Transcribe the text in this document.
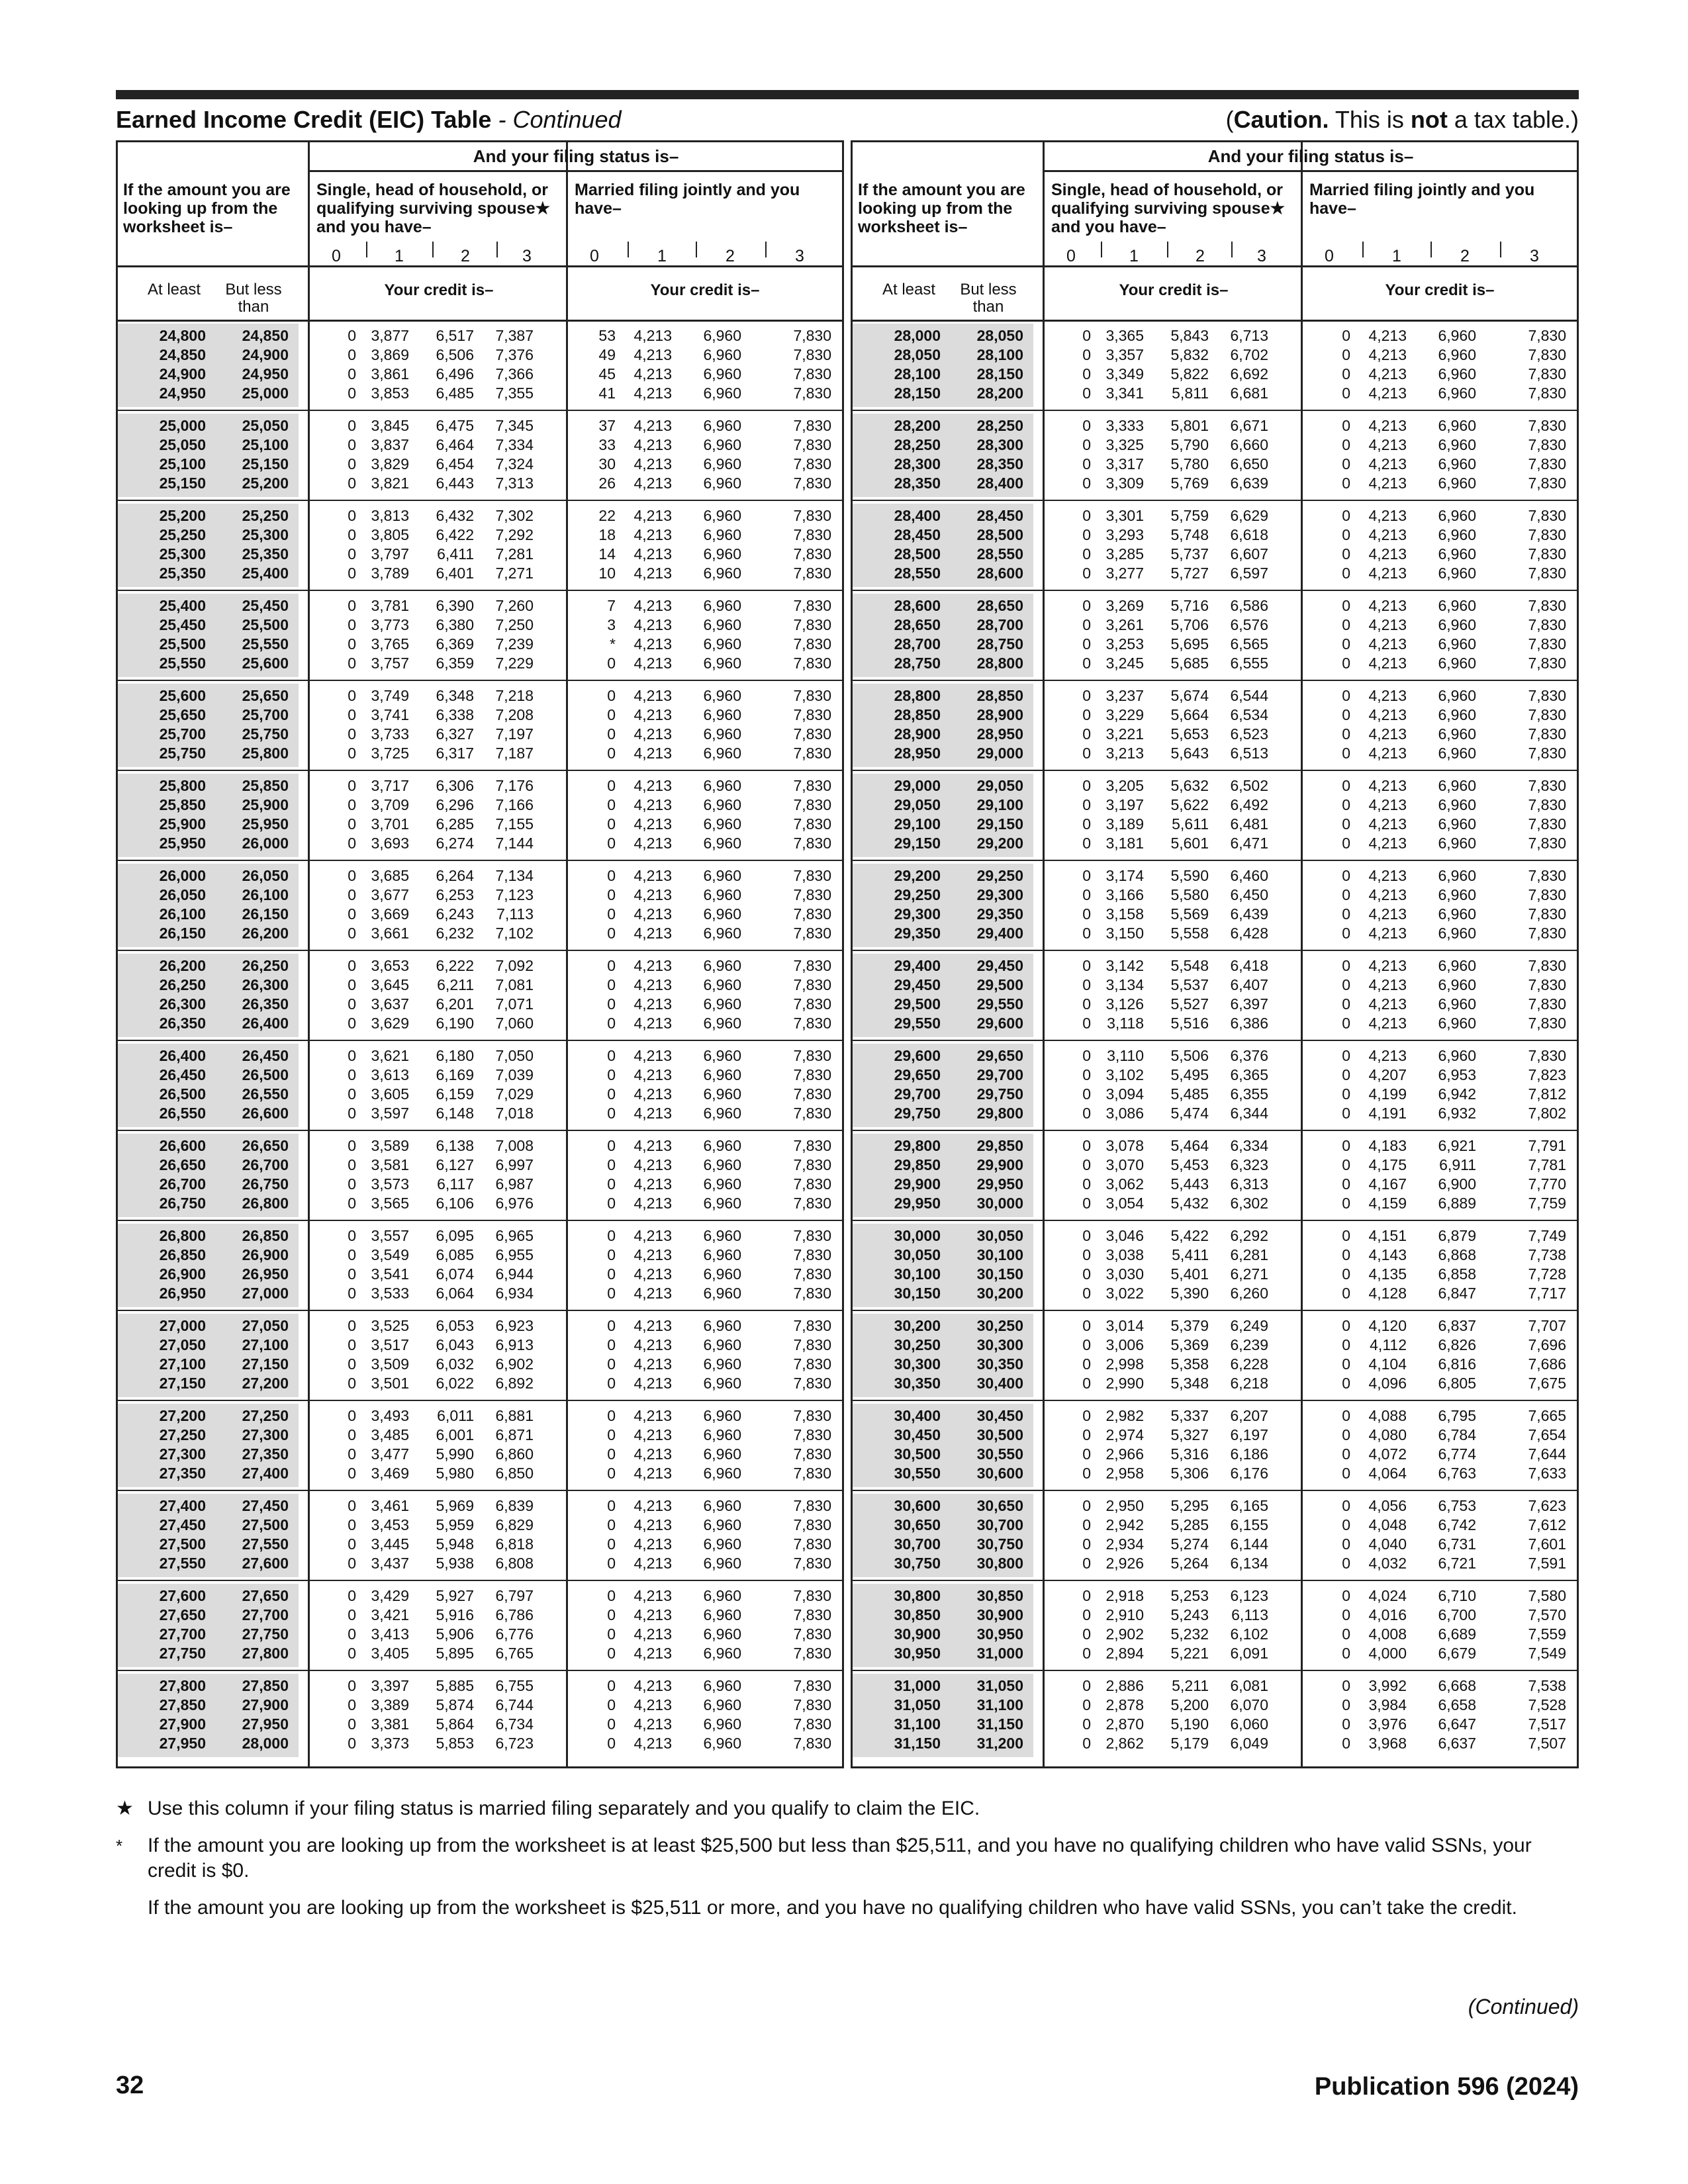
Earned Income Credit (EIC) Table - Continued	(Caution. This is not a tax table.)
And your filing status is–
If the amount you are looking up from the worksheet is–
Single, head of household, or qualifying surviving spouse★ and you have–
Married filing jointly and you have–
0	0
1	1
2	2
3	3
At least	But less than
Your credit is–	Your credit is–
24,800	24,850	0 3,877	6,517	7,387	53	4,213	6,960	7,830
24,850	24,900	0 3,869	6,506	7,376	49	4,213	6,960	7,830
24,900	24,950	0 3,861	6,496	7,366	45	4,213	6,960	7,830
24,950	25,000	0 3,853	6,485	7,355	41	4,213	6,960	7,830
25,000	25,050	0 3,845	6,475	7,345	37	4,213	6,960	7,830
25,050	25,100	0 3,837	6,464	7,334	33	4,213	6,960	7,830
25,100	25,150	0 3,829	6,454	7,324	30	4,213	6,960	7,830
25,150	25,200	0 3,821	6,443	7,313	26	4,213	6,960	7,830
25,200	25,250	0 3,813	6,432	7,302	22	4,213	6,960	7,830
25,250	25,300	0 3,805	6,422	7,292	18	4,213	6,960	7,830
25,300	25,350	0 3,797	6,411	7,281	14	4,213	6,960	7,830
25,350	25,400	0 3,789	6,401	7,271	10	4,213	6,960	7,830
25,400	25,450	0 3,781	6,390	7,260	7	4,213	6,960	7,830
25,450	25,500	0 3,773	6,380	7,250	3	4,213	6,960	7,830
25,500	25,550	0 3,765	6,369	7,239	*	4,213	6,960	7,830
25,550	25,600	0 3,757	6,359	7,229	0	4,213	6,960	7,830
25,600	25,650	0 3,749	6,348	7,218	0	4,213	6,960	7,830
25,650	25,700	0 3,741	6,338	7,208	0	4,213	6,960	7,830
25,700	25,750	0 3,733	6,327	7,197	0	4,213	6,960	7,830
25,750	25,800	0 3,725	6,317	7,187	0	4,213	6,960	7,830
25,800	25,850	0 3,717	6,306	7,176	0	4,213	6,960	7,830
25,850	25,900	0 3,709	6,296	7,166	0	4,213	6,960	7,830
25,900	25,950	0 3,701	6,285	7,155	0	4,213	6,960	7,830
25,950	26,000	0 3,693	6,274	7,144	0	4,213	6,960	7,830
26,000	26,050	0 3,685	6,264	7,134	0	4,213	6,960	7,830
26,050	26,100	0 3,677	6,253	7,123	0	4,213	6,960	7,830
26,100	26,150	0 3,669	6,243	7,113	0	4,213	6,960	7,830
26,150	26,200	0 3,661	6,232	7,102	0	4,213	6,960	7,830
26,200	26,250	0 3,653	6,222	7,092	0	4,213	6,960	7,830
26,250	26,300	0 3,645	6,211	7,081	0	4,213	6,960	7,830
26,300	26,350	0 3,637	6,201	7,071	0	4,213	6,960	7,830
26,350	26,400	0 3,629	6,190	7,060	0	4,213	6,960	7,830
26,400	26,450	0 3,621	6,180	7,050	0	4,213	6,960	7,830
26,450	26,500	0 3,613	6,169	7,039	0	4,213	6,960	7,830
26,500	26,550	0 3,605	6,159	7,029	0	4,213	6,960	7,830
26,550	26,600	0 3,597	6,148	7,018	0	4,213	6,960	7,830
26,600	26,650	0 3,589	6,138	7,008	0	4,213	6,960	7,830
26,650	26,700	0 3,581	6,127	6,997	0	4,213	6,960	7,830
26,700	26,750	0 3,573	6,117	6,987	0	4,213	6,960	7,830
26,750	26,800	0 3,565	6,106	6,976	0	4,213	6,960	7,830
26,800	26,850	0 3,557	6,095	6,965	0	4,213	6,960	7,830
26,850	26,900	0 3,549	6,085	6,955	0	4,213	6,960	7,830
26,900	26,950	0 3,541	6,074	6,944	0	4,213	6,960	7,830
26,950	27,000	0 3,533	6,064	6,934	0	4,213	6,960	7,830
27,000	27,050	0 3,525	6,053	6,923	0	4,213	6,960	7,830
27,050	27,100	0 3,517	6,043	6,913	0	4,213	6,960	7,830
27,100	27,150	0 3,509	6,032	6,902	0	4,213	6,960	7,830
27,150	27,200	0 3,501	6,022	6,892	0	4,213	6,960	7,830
27,200	27,250	0 3,493	6,011	6,881	0	4,213	6,960	7,830
27,250	27,300	0 3,485	6,001	6,871	0	4,213	6,960	7,830
27,300	27,350	0 3,477	5,990	6,860	0	4,213	6,960	7,830
27,350	27,400	0 3,469	5,980	6,850	0	4,213	6,960	7,830
27,400	27,450	0 3,461	5,969	6,839	0	4,213	6,960	7,830
27,450	27,500	0 3,453	5,959	6,829	0	4,213	6,960	7,830
27,500	27,550	0 3,445	5,948	6,818	0	4,213	6,960	7,830
27,550	27,600	0 3,437	5,938	6,808	0	4,213	6,960	7,830
27,600	27,650	0 3,429	5,927	6,797	0	4,213	6,960	7,830
27,650	27,700	0 3,421	5,916	6,786	0	4,213	6,960	7,830
27,700	27,750	0 3,413	5,906	6,776	0	4,213	6,960	7,830
27,750	27,800	0 3,405	5,895	6,765	0	4,213	6,960	7,830
27,800	27,850	0 3,397	5,885	6,755	0	4,213	6,960	7,830
27,850	27,900	0 3,389	5,874	6,744	0	4,213	6,960	7,830
27,900	27,950	0 3,381	5,864	6,734	0	4,213	6,960	7,830
27,950	28,000	0 3,373	5,853	6,723	0	4,213	6,960	7,830
And your filing status is–
If the amount you are looking up from the worksheet is–
Single, head of household, or qualifying surviving spouse★ and you have–
Married filing jointly and you have–
0	0
1	1
2	2
3	3
At least	But less than
Your credit is–	Your credit is–
28,000	28,050	0 3,365	5,843	6,713	0	4,213	6,960	7,830
28,050	28,100	0 3,357	5,832	6,702	0	4,213	6,960	7,830
28,100	28,150	0 3,349	5,822	6,692	0	4,213	6,960	7,830
28,150	28,200	0 3,341	5,811	6,681	0	4,213	6,960	7,830
28,200	28,250	0 3,333	5,801	6,671	0	4,213	6,960	7,830
28,250	28,300	0 3,325	5,790	6,660	0	4,213	6,960	7,830
28,300	28,350	0 3,317	5,780	6,650	0	4,213	6,960	7,830
28,350	28,400	0 3,309	5,769	6,639	0	4,213	6,960	7,830
28,400	28,450	0 3,301	5,759	6,629	0	4,213	6,960	7,830
28,450	28,500	0 3,293	5,748	6,618	0	4,213	6,960	7,830
28,500	28,550	0 3,285	5,737	6,607	0	4,213	6,960	7,830
28,550	28,600	0 3,277	5,727	6,597	0	4,213	6,960	7,830
28,600	28,650	0 3,269	5,716	6,586	0	4,213	6,960	7,830
28,650	28,700	0 3,261	5,706	6,576	0	4,213	6,960	7,830
28,700	28,750	0 3,253	5,695	6,565	0	4,213	6,960	7,830
28,750	28,800	0 3,245	5,685	6,555	0	4,213	6,960	7,830
28,800	28,850	0 3,237	5,674	6,544	0	4,213	6,960	7,830
28,850	28,900	0 3,229	5,664	6,534	0	4,213	6,960	7,830
28,900	28,950	0 3,221	5,653	6,523	0	4,213	6,960	7,830
28,950	29,000	0 3,213	5,643	6,513	0	4,213	6,960	7,830
29,000	29,050	0 3,205	5,632	6,502	0	4,213	6,960	7,830
29,050	29,100	0 3,197	5,622	6,492	0	4,213	6,960	7,830
29,100	29,150	0 3,189	5,611	6,481	0	4,213	6,960	7,830
29,150	29,200	0 3,181	5,601	6,471	0	4,213	6,960	7,830
29,200	29,250	0 3,174	5,590	6,460	0	4,213	6,960	7,830
29,250	29,300	0 3,166	5,580	6,450	0	4,213	6,960	7,830
29,300	29,350	0 3,158	5,569	6,439	0	4,213	6,960	7,830
29,350	29,400	0 3,150	5,558	6,428	0	4,213	6,960	7,830
29,400	29,450	0 3,142	5,548	6,418	0	4,213	6,960	7,830
29,450	29,500	0 3,134	5,537	6,407	0	4,213	6,960	7,830
29,500	29,550	0 3,126	5,527	6,397	0	4,213	6,960	7,830
29,550	29,600	0	3,118	5,516	6,386	0	4,213	6,960	7,830
29,600	29,650	0	3,110	5,506	6,376	0	4,213	6,960	7,830
29,650	29,700	0 3,102	5,495	6,365	0	4,207	6,953	7,823
29,700	29,750	0 3,094	5,485	6,355	0	4,199	6,942	7,812
29,750	29,800	0 3,086	5,474	6,344	0	4,191	6,932	7,802
29,800	29,850	0 3,078	5,464	6,334	0	4,183	6,921	7,791
29,850	29,900	0 3,070	5,453	6,323	0	4,175	6,911	7,781
29,900	29,950	0 3,062	5,443	6,313	0	4,167	6,900	7,770
29,950	30,000	0 3,054	5,432	6,302	0	4,159	6,889	7,759
30,000	30,050	0 3,046	5,422	6,292	0	4,151	6,879	7,749
30,050	30,100	0 3,038	5,411	6,281	0	4,143	6,868	7,738
30,100	30,150	0 3,030	5,401	6,271	0	4,135	6,858	7,728
30,150	30,200	0 3,022	5,390	6,260	0	4,128	6,847	7,717
30,200	30,250	0 3,014	5,379	6,249	0	4,120	6,837	7,707
30,250	30,300	0 3,006	5,369	6,239	0	4,112	6,826	7,696
30,300	30,350	0 2,998	5,358	6,228	0	4,104	6,816	7,686
30,350	30,400	0 2,990	5,348	6,218	0	4,096	6,805	7,675
30,400	30,450	0 2,982	5,337	6,207	0	4,088	6,795	7,665
30,450	30,500	0 2,974	5,327	6,197	0	4,080	6,784	7,654
30,500	30,550	0 2,966	5,316	6,186	0	4,072	6,774	7,644
30,550	30,600	0 2,958	5,306	6,176	0	4,064	6,763	7,633
30,600	30,650	0 2,950	5,295	6,165	0	4,056	6,753	7,623
30,650	30,700	0 2,942	5,285	6,155	0	4,048	6,742	7,612
30,700	30,750	0 2,934	5,274	6,144	0	4,040	6,731	7,601
30,750	30,800	0 2,926	5,264	6,134	0	4,032	6,721	7,591
30,800	30,850	0 2,918	5,253	6,123	0	4,024	6,710	7,580
30,850	30,900	0 2,910	5,243	6,113	0	4,016	6,700	7,570
30,900	30,950	0 2,902	5,232	6,102	0	4,008	6,689	7,559
30,950	31,000	0 2,894	5,221	6,091	0	4,000	6,679	7,549
31,000	31,050	0 2,886	5,211	6,081	0	3,992	6,668	7,538
31,050	31,100	0 2,878	5,200	6,070	0	3,984	6,658	7,528
31,100	31,150	0 2,870	5,190	6,060	0	3,976	6,647	7,517
31,150	31,200	0 2,862	5,179	6,049	0	3,968	6,637	7,507
★ Use this column if your filing status is married filing separately and you qualify to claim the EIC.
* If the amount you are looking up from the worksheet is at least $25,500 but less than $25,511, and you have no qualifying children who have valid SSNs, your credit is $0.
If the amount you are looking up from the worksheet is $25,511 or more, and you have no qualifying children who have valid SSNs, you can’t take the credit.
(Continued)
32	Publication 596 (2024)
